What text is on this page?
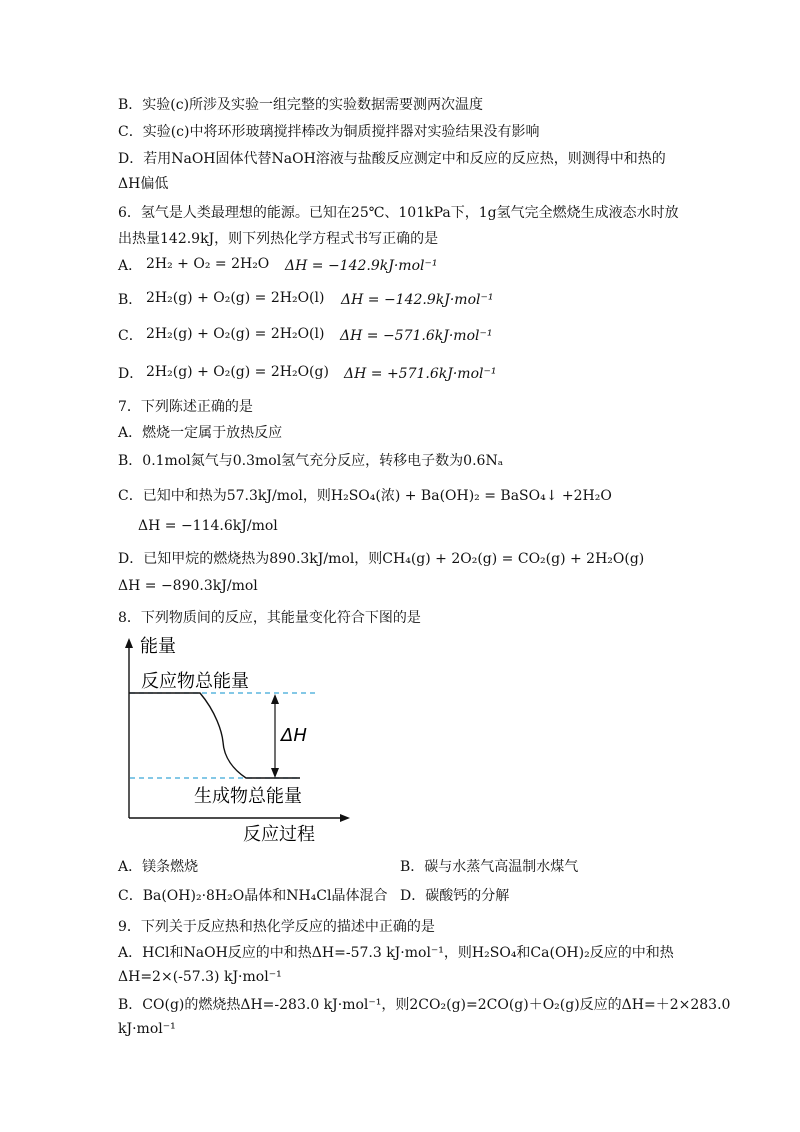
B．实验(c)所涉及实验一组完整的实验数据需要测两次温度
C．实验(c)中将环形玻璃搅拌棒改为铜质搅拌器对实验结果没有影响
D．若用NaOH固体代替NaOH溶液与盐酸反应测定中和反应的反应热，则测得中和热的
ΔH偏低
6．氢气是人类最理想的能源。已知在25℃、101kPa下，1g氢气完全燃烧生成液态水时放
出热量142.9kJ，则下列热化学方程式书写正确的是
A． 2H₂ + O₂ = 2H₂O ΔH = −142.9kJ·mol⁻¹
B． 2H₂(g) + O₂(g) = 2H₂O(l) ΔH = −142.9kJ·mol⁻¹
C． 2H₂(g) + O₂(g) = 2H₂O(l) ΔH = −571.6kJ·mol⁻¹
D． 2H₂(g) + O₂(g) = 2H₂O(g) ΔH = +571.6kJ·mol⁻¹
7．下列陈述正确的是
A．燃烧一定属于放热反应
B．0.1mol氮气与0.3mol氢气充分反应，转移电子数为0.6Nₐ
C．已知中和热为57.3kJ/mol，则H₂SO₄(浓) + Ba(OH)₂ = BaSO₄↓ +2H₂O
ΔH = −114.6kJ/mol
D．已知甲烷的燃烧热为890.3kJ/mol，则CH₄(g) + 2O₂(g) = CO₂(g) + 2H₂O(g)
ΔH = −890.3kJ/mol
8．下列物质间的反应，其能量变化符合下图的是
能量
反应物总能量
ΔH
生成物总能量
反应过程
A．镁条燃烧	B．碳与水蒸气高温制水煤气
C．Ba(OH)₂·8H₂O晶体和NH₄Cl晶体混合 D．碳酸钙的分解
9．下列关于反应热和热化学反应的描述中正确的是
A．HCl和NaOH反应的中和热ΔH=-57.3 kJ·mol⁻¹，则H₂SO₄和Ca(OH)₂反应的中和热
ΔH=2×(-57.3) kJ·mol⁻¹
B．CO(g)的燃烧热ΔH=-283.0 kJ·mol⁻¹，则2CO₂(g)=2CO(g)＋O₂(g)反应的ΔH=＋2×283.0
kJ·mol⁻¹
